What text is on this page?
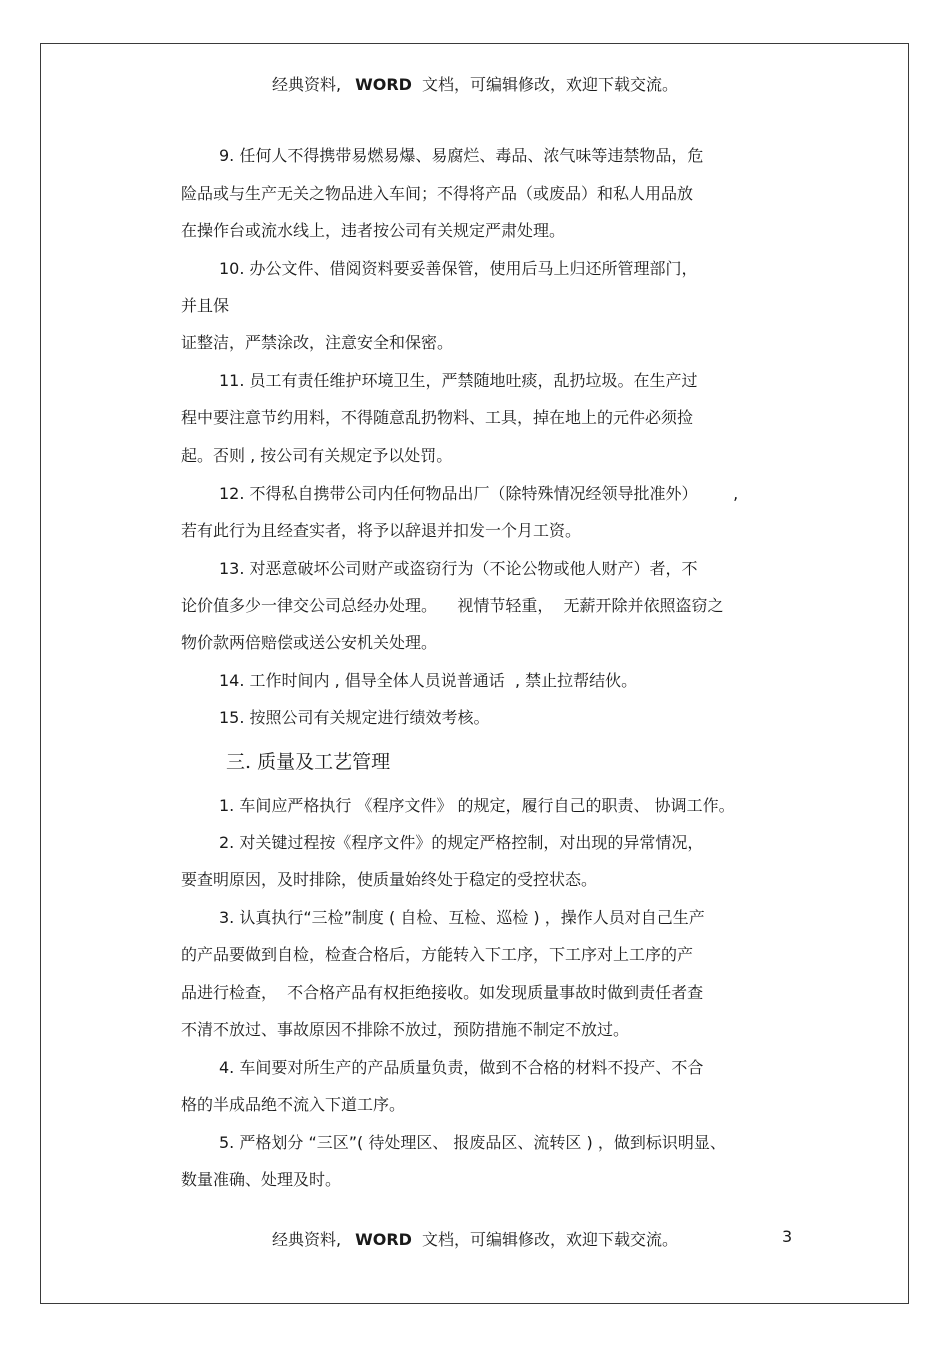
经典资料, WORD 文档，可编辑修改，欢迎下载交流。
9. 任何人不得携带易燃易爆、易腐烂、毒品、浓气味等违禁物品，危
险品或与生产无关之物品进入车间；不得将产品（或废品）和私人用品放
在操作台或流水线上，违者按公司有关规定严肃处理。
10. 办公文件、借阅资料要妥善保管，使用后马上归还所管理部门，
并且保
证整洁，严禁涂改，注意安全和保密。
11. 员工有责任维护环境卫生，严禁随地吐痰，乱扔垃圾。在生产过
程中要注意节约用料，不得随意乱扔物料、工具，掉在地上的元件必须捡
起。否则 , 按公司有关规定予以处罚。
12. 不得私自携带公司内任何物品出厂（除特殊情况经领导批准外）       ,
若有此行为且经查实者，将予以辞退并扣发一个月工资。
13. 对恶意破坏公司财产或盗窃行为（不论公物或他人财产）者，不
论价值多少一律交公司总经办处理。    视情节轻重，  无薪开除并依照盗窃之
物价款两倍赔偿或送公安机关处理。
14. 工作时间内 , 倡导全体人员说普通话  , 禁止拉帮结伙。
15. 按照公司有关规定进行绩效考核。
三. 质量及工艺管理
1. 车间应严格执行 《程序文件》 的规定，履行自己的职责、 协调工作。
2. 对关键过程按《程序文件》的规定严格控制，对出现的异常情况，
要查明原因，及时排除，使质量始终处于稳定的受控状态。
3. 认真执行“三检”制度 ( 自检、互检、巡检 ) ，操作人员对自己生产
的产品要做到自检，检查合格后，方能转入下工序，下工序对上工序的产
品进行检查，  不合格产品有权拒绝接收。如发现质量事故时做到责任者查
不清不放过、事故原因不排除不放过，预防措施不制定不放过。
4. 车间要对所生产的产品质量负责，做到不合格的材料不投产、不合
格的半成品绝不流入下道工序。
5. 严格划分 “三区”( 待处理区、 报废品区、流转区 ) ，做到标识明显、
数量准确、处理及时。
经典资料, WORD 文档，可编辑修改，欢迎下载交流。	3
